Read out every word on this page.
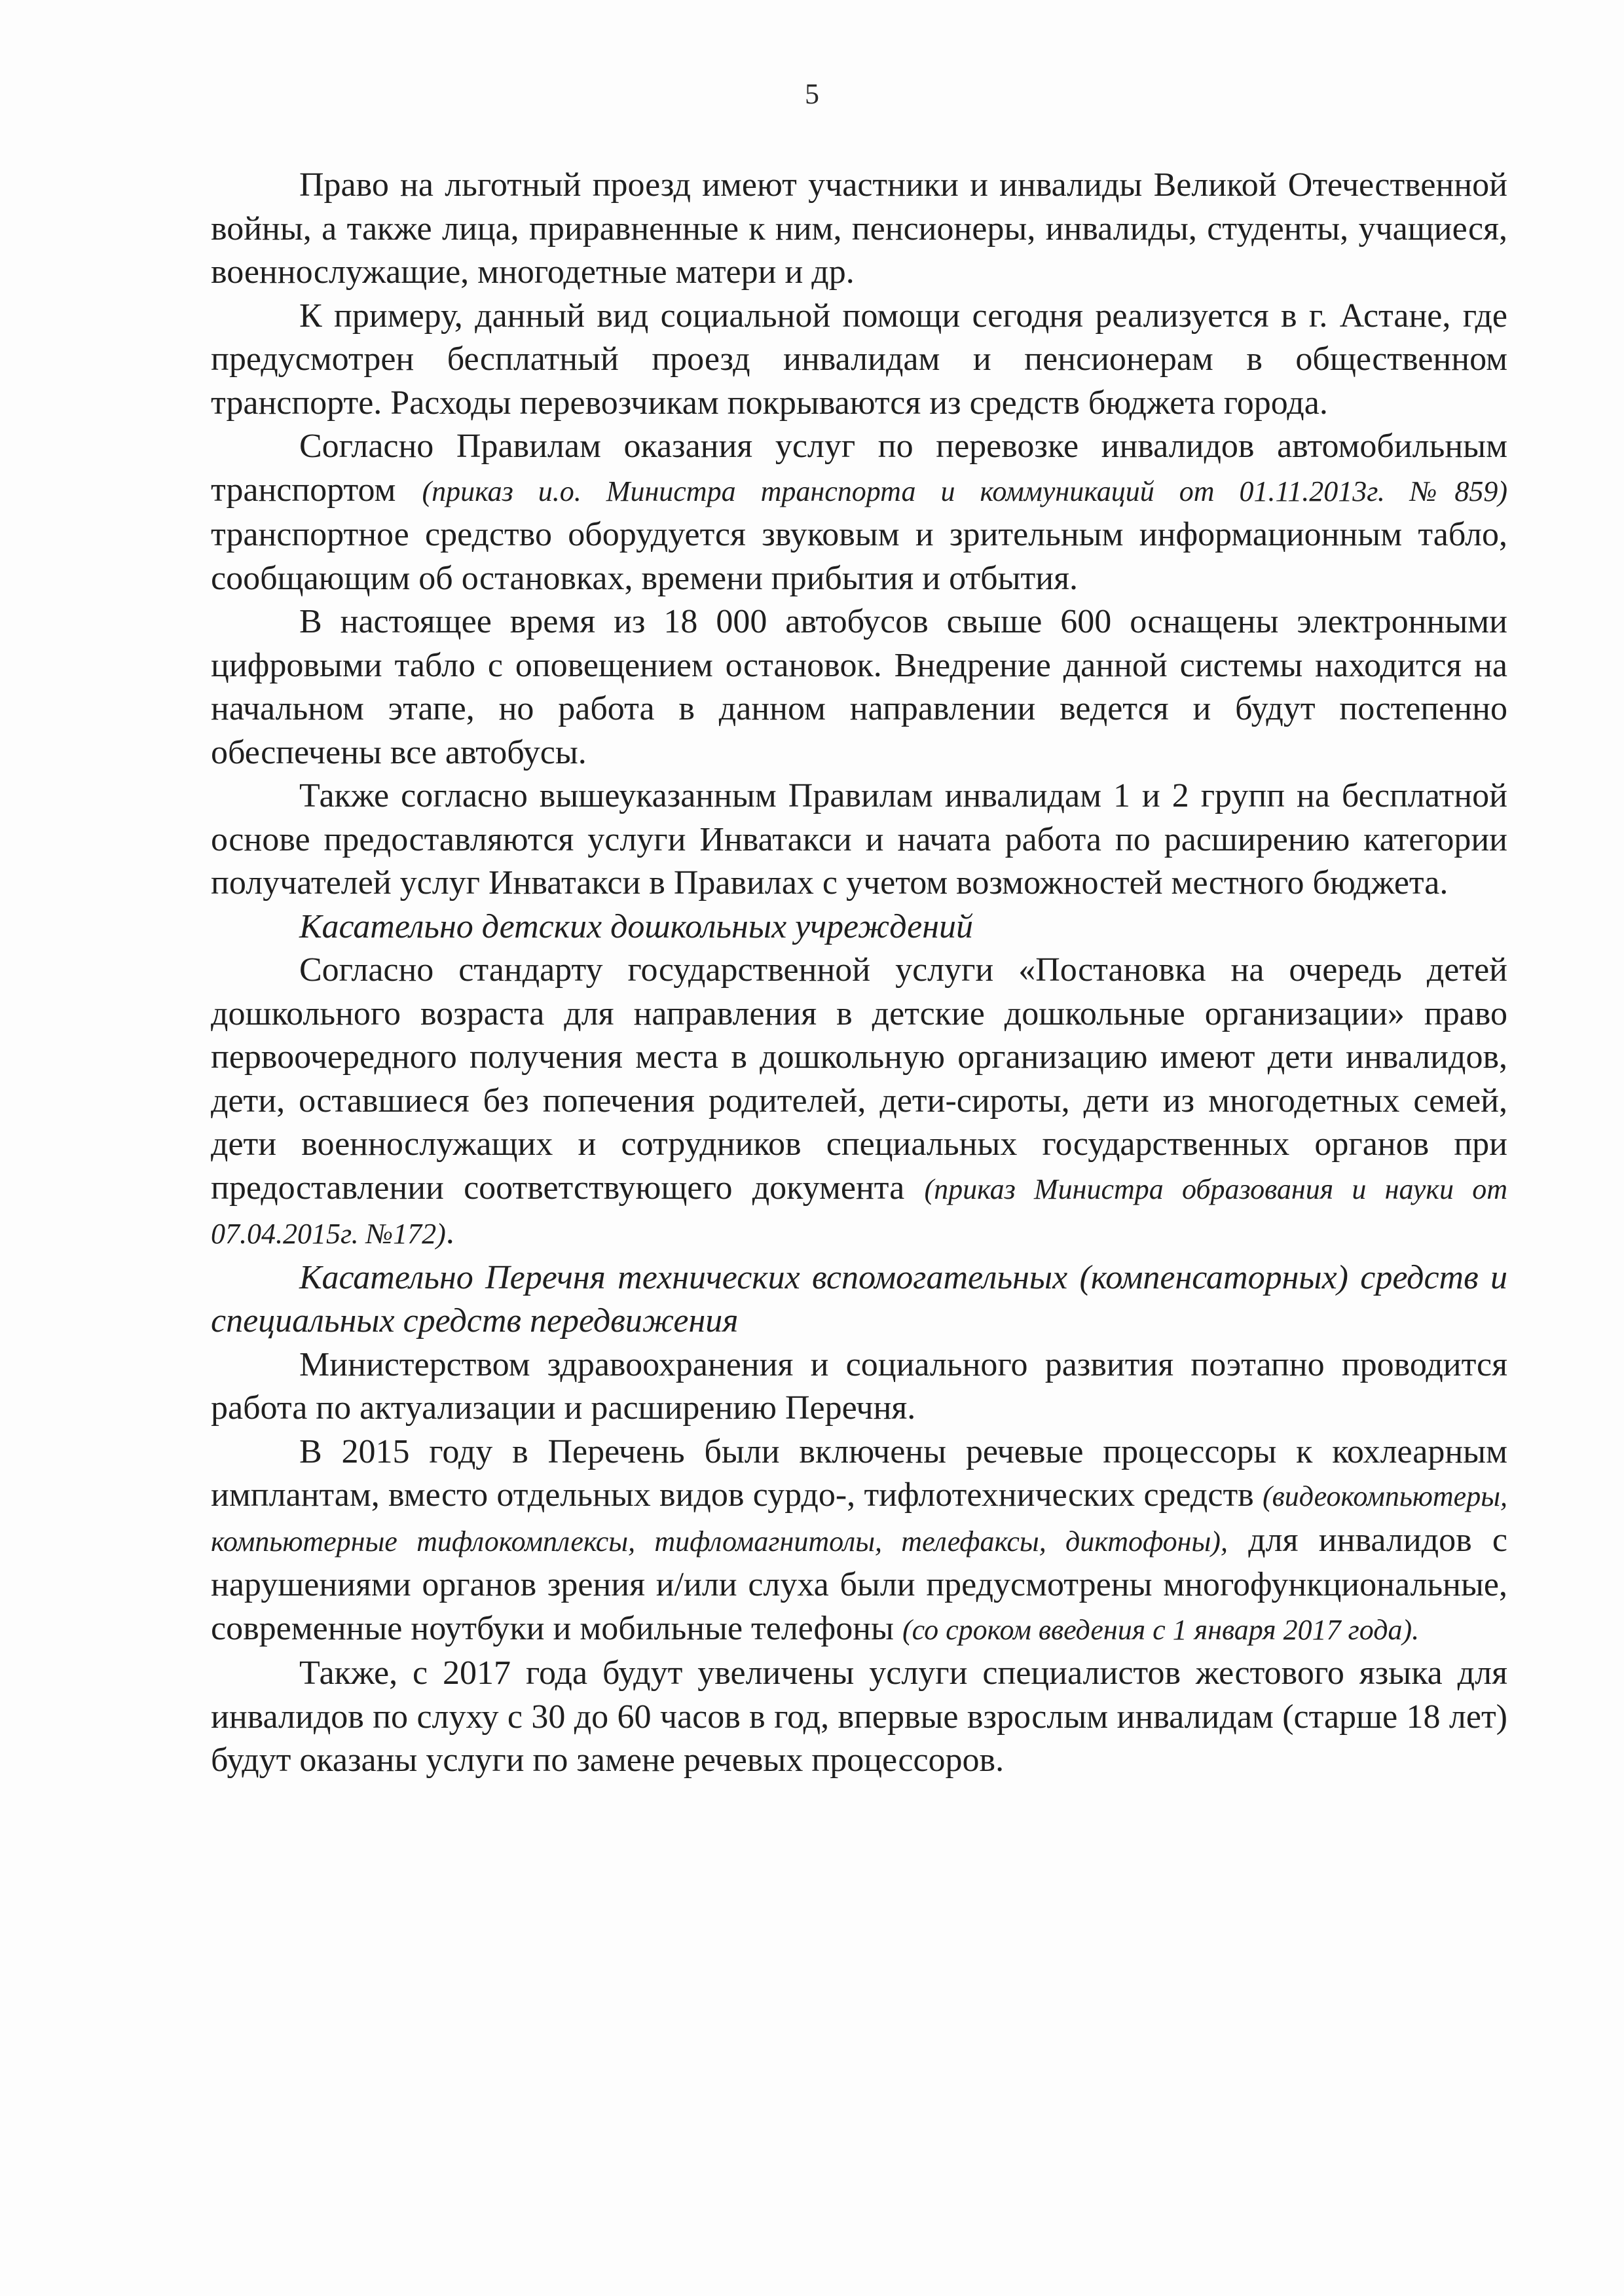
5

Право на льготный проезд имеют участники и инвалиды Великой Отечественной войны, а также лица, приравненные к ним, пенсионеры, инвалиды, студенты, учащиеся, военнослужащие, многодетные матери и др.

К примеру, данный вид социальной помощи сегодня реализуется в г. Астане, где предусмотрен бесплатный проезд инвалидам и пенсионерам в общественном транспорте. Расходы перевозчикам покрываются из средств бюджета города.

Согласно Правилам оказания услуг по перевозке инвалидов автомобильным транспортом (приказ и.о. Министра транспорта и коммуникаций от 01.11.2013г. №859) транспортное средство оборудуется звуковым и зрительным информационным табло, сообщающим об остановках, времени прибытия и отбытия.

В настоящее время из 18 000 автобусов свыше 600 оснащены электронными цифровыми табло с оповещением остановок. Внедрение данной системы находится на начальном этапе, но работа в данном направлении ведется и будут постепенно обеспечены все автобусы.

Также согласно вышеуказанным Правилам инвалидам 1 и 2 групп на бесплатной основе предоставляются услуги Инватакси и начата работа по расширению категории получателей услуг Инватакси в Правилах с учетом возможностей местного бюджета.

Касательно детских дошкольных учреждений

Согласно стандарту государственной услуги «Постановка на очередь детей дошкольного возраста для направления в детские дошкольные организации» право первоочередного получения места в дошкольную организацию имеют дети инвалидов, дети, оставшиеся без попечения родителей, дети-сироты, дети из многодетных семей, дети военнослужащих и сотрудников специальных государственных органов при предоставлении соответствующего документа (приказ Министра образования и науки от 07.04.2015г. №172).

Касательно Перечня технических вспомогательных (компенсаторных) средств и специальных средств передвижения

Министерством здравоохранения и социального развития поэтапно проводится работа по актуализации и расширению Перечня.

В 2015 году в Перечень были включены речевые процессоры к кохлеарным имплантам, вместо отдельных видов сурдо-, тифлотехнических средств (видеокомпьютеры, компьютерные тифлокомплексы, тифломагнитолы, телефаксы, диктофоны), для инвалидов с нарушениями органов зрения и/или слуха были предусмотрены многофункциональные, современные ноутбуки и мобильные телефоны (со сроком введения с 1 января 2017 года).

Также, с 2017 года будут увеличены услуги специалистов жестового языка для инвалидов по слуху с 30 до 60 часов в год, впервые взрослым инвалидам (старше 18 лет) будут оказаны услуги по замене речевых процессоров.
